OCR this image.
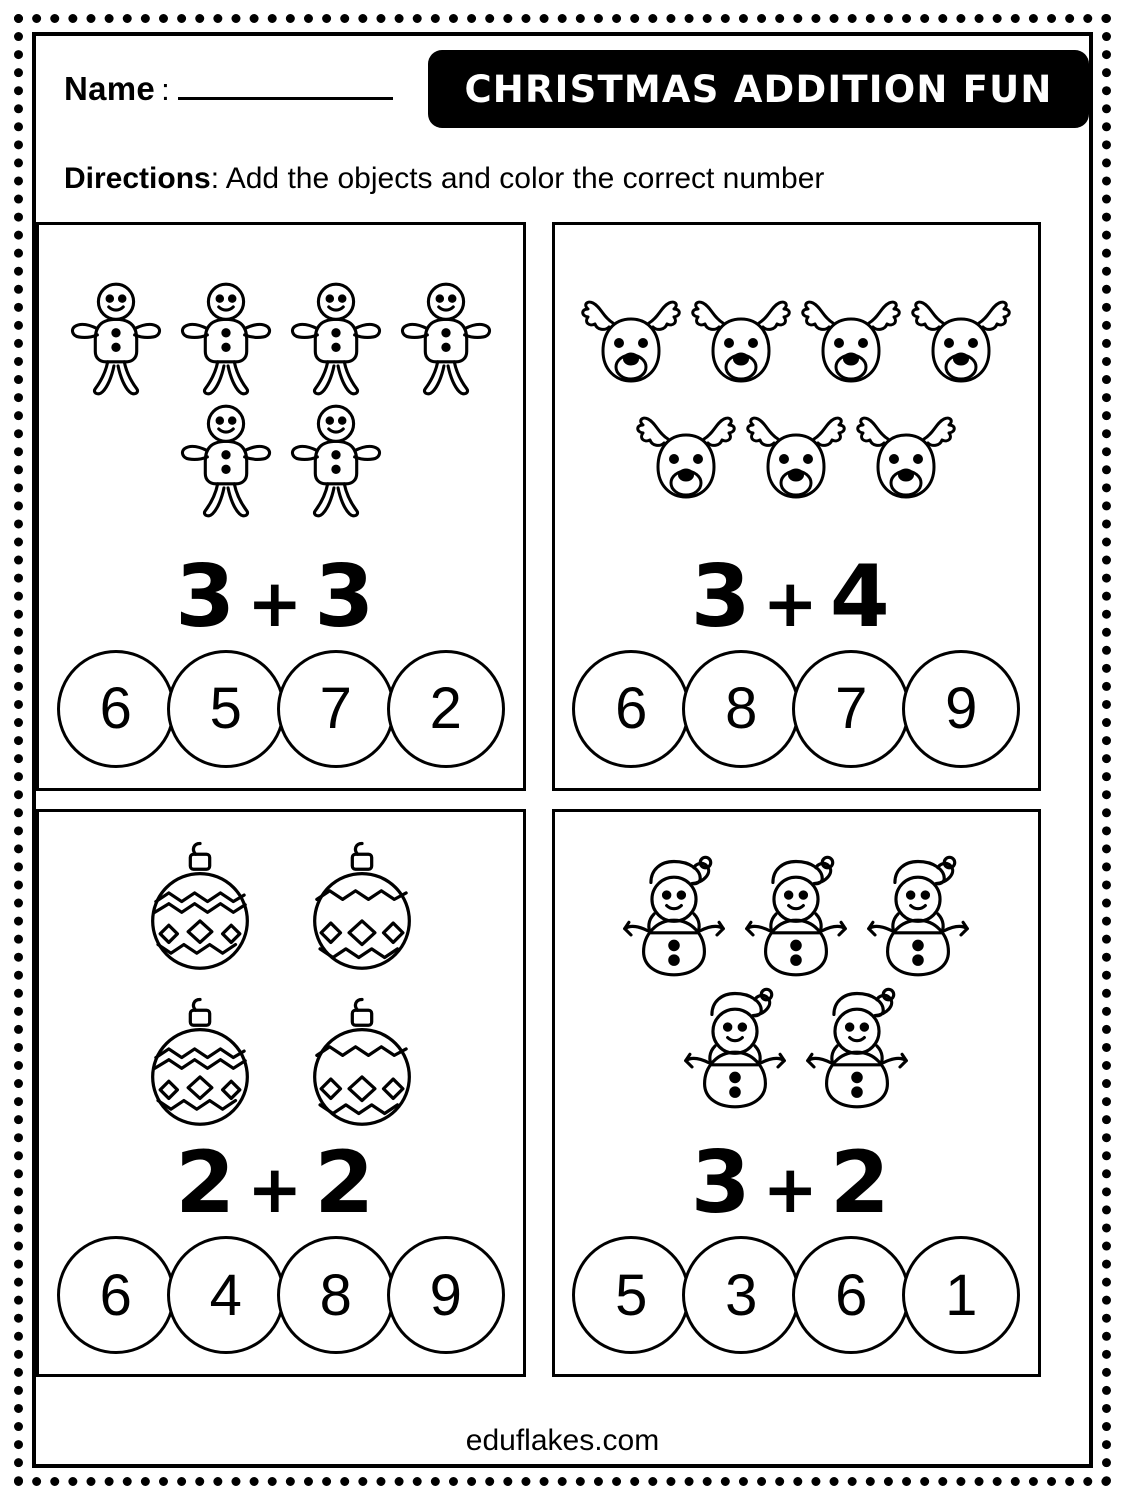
Name :	CHRISTMAS ADDITION FUN
Directions: Add the objects and color the correct number
3+3
6	5	7	2
3+4
6	8	7	9
2+2
6	4	8	9
3+2
5	3	6	1
eduflakes.com
